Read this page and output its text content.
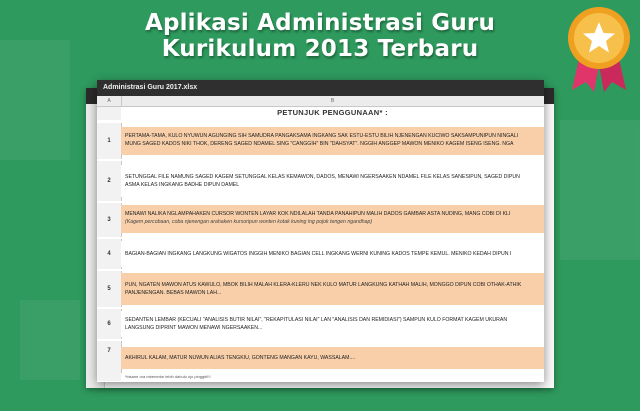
Aplikasi Administrasi Guru
Kurikulum 2013 Terbaru
Administrasi Guru 2017.xlsx
A	B
PETUNJUK PENGGUNAAN* :
1
PERTAMA-TAMA, KULO NYUWUN AGUNGING SIH SAMUDRA PANGAKSAMA INGKANG SAK ESTU-ESTU BILIH NJENENGAN KUCIWO SAKSAMPUNIPUN NINGALI
MUNG SAGED KADOS NIKI THOK, DERENG SAGED NDAMEL SING "CANGGIH" BIN "DAHSYAT". NGGIH ANGGEP MAWON MENIKO KAGEM ISENG ISENG. NGA
2
SETUNGGAL FILE NAMUNG SAGED KAGEM SETUNGGAL KELAS KEMAWON, DADOS, MENAWI NGERSAAKEN NDAMEL FILE KELAS SANESIPUN, SAGED DIPUN
ASMA KELAS INGKANG BADHE DIPUN DAMEL
3
MENAWI NALIKA NGLAMPAHAKEN CURSOR WONTEN LAYAR KOK NDILALAH TANDA PANAHIPUN MALIH DADOS GAMBAR ASTA NUDING, MANG COBI DI KLI
(Kagem percobaan, coba njenengan arahaken kursoripun wonten kotak kuning ing pojok tengen ngandhap)
4	BAGIAN-BAGIAN INGKANG LANGKUNG WIGATOS INGGIH MENIKO BAGIAN CELL INGKANG WERNI KUNING KADOS TEMPE KEMUL. MENIKO KEDAH DIPUN I
5
PUN, NGATEN MAWON ATUS KAWULO, MBOK BILIH MALAH KLERA-KLERU NEK KULO MATUR LANGKUNG KATHAH MALIH, MONGGO DIPUN COBI OTHAK-ATHIK
PANJENENGAN. BEBAS MAWON LAH...
6
SEDANTEN LEMBAR (KECUALI "ANALISIS BUTIR NILAI", "REKAPITULASI NILAI" LAN "ANALISIS DAN REMIDIASI") SAMPUN KULO FORMAT KAGEM UKURAN
LANGSUNG DIPRINT MAWON MENAWI NGERSAAKEN...
7
AKHIRUL KALAM, MATUR NUWUN ALIAS TENGKIU, GONTENG MANGAN KAYU, WASSALAM....
*bisane ora mbenerke lebih dahulu ojo pinggiri!!!
